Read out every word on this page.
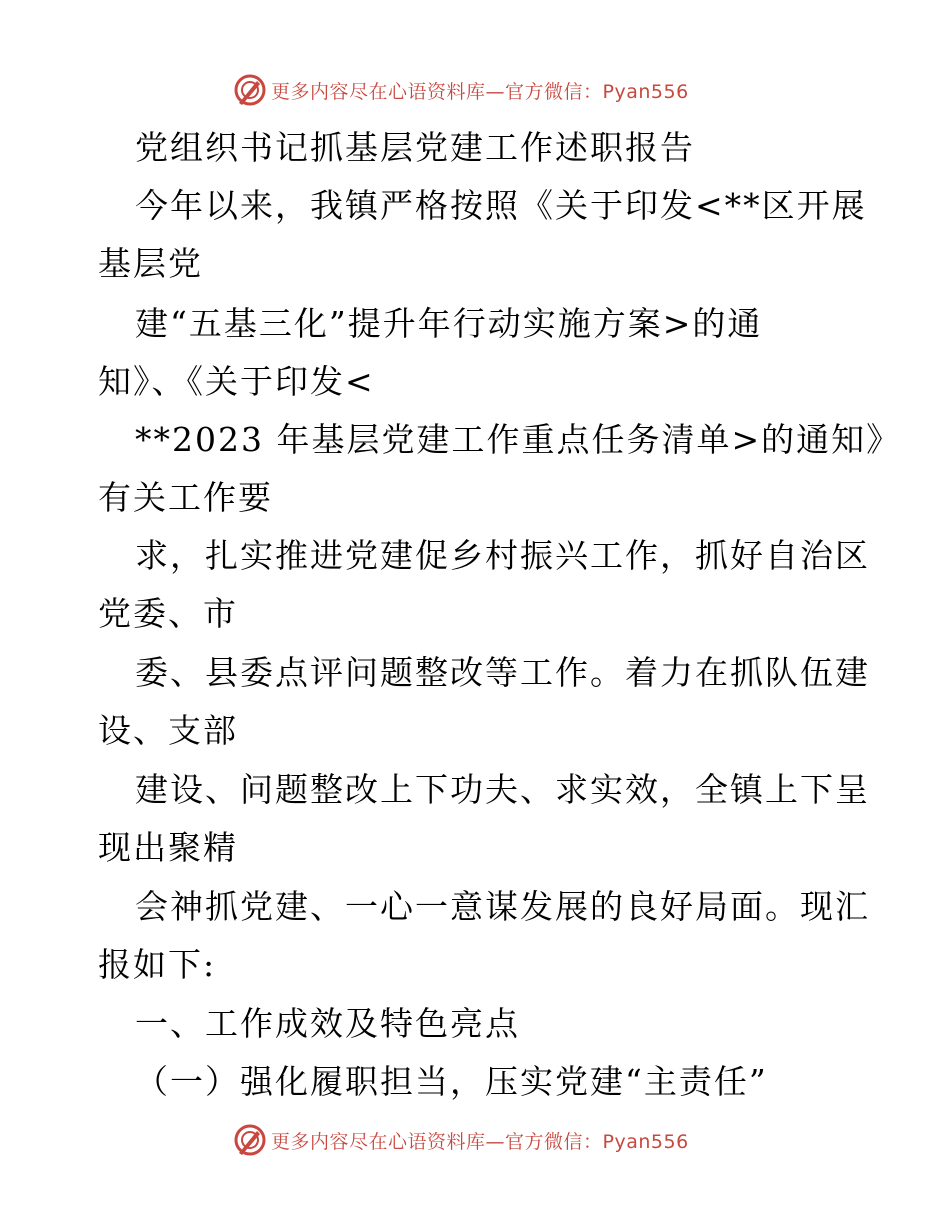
更多内容尽在心语资料库—官方微信：Pyan556
党组织书记抓基层党建工作述职报告
今年以来，我镇严格按照《关于印发<**区开展
基层党
建“五基三化”提升年行动实施方案>的通
知》、《关于印发<
**2023 年基层党建工作重点任务清单>的通知》
有关工作要
求，扎实推进党建促乡村振兴工作，抓好自治区
党委、市
委、县委点评问题整改等工作。着力在抓队伍建
设、支部
建设、问题整改上下功夫、求实效，全镇上下呈
现出聚精
会神抓党建、一心一意谋发展的良好局面。现汇
报如下:
一、工作成效及特色亮点
（一）强化履职担当，压实党建“主责任”
更多内容尽在心语资料库—官方微信：Pyan556
